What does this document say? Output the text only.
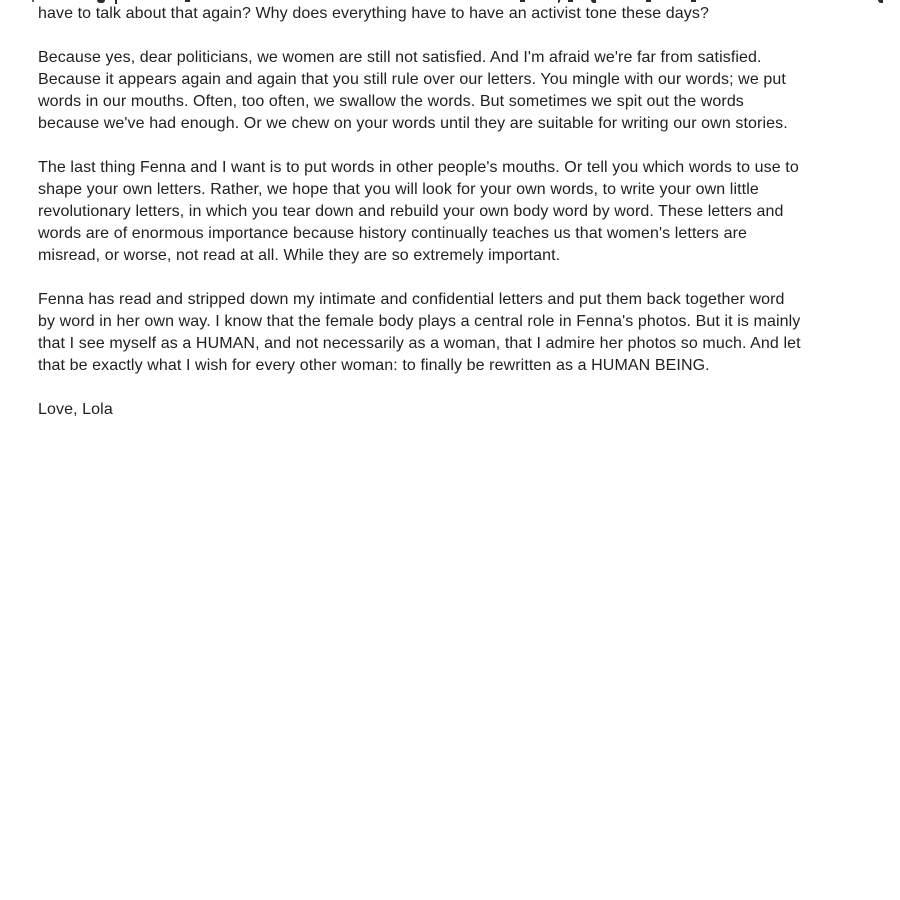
have to talk about that again? Why does everything have to have an activist tone these days?
Because yes, dear politicians, we women are still not satisfied. And I'm afraid we're far from satisfied.
Because it appears again and again that you still rule over our letters. You mingle with our words; we put
words in our mouths. Often, too often, we swallow the words. But sometimes we spit out the words
because we've had enough. Or we chew on your words until they are suitable for writing our own stories.
The last thing Fenna and I want is to put words in other people's mouths. Or tell you which words to use to
shape your own letters. Rather, we hope that you will look for your own words, to write your own little
revolutionary letters, in which you tear down and rebuild your own body word by word. These letters and
words are of enormous importance because history continually teaches us that women's letters are
misread, or worse, not read at all. While they are so extremely important.
Fenna has read and stripped down my intimate and confidential letters and put them back together word
by word in her own way. I know that the female body plays a central role in Fenna's photos. But it is mainly
that I see myself as a HUMAN, and not necessarily as a woman, that I admire her photos so much. And let
that be exactly what I wish for every other woman: to finally be rewritten as a HUMAN BEING.
Love, Lola
